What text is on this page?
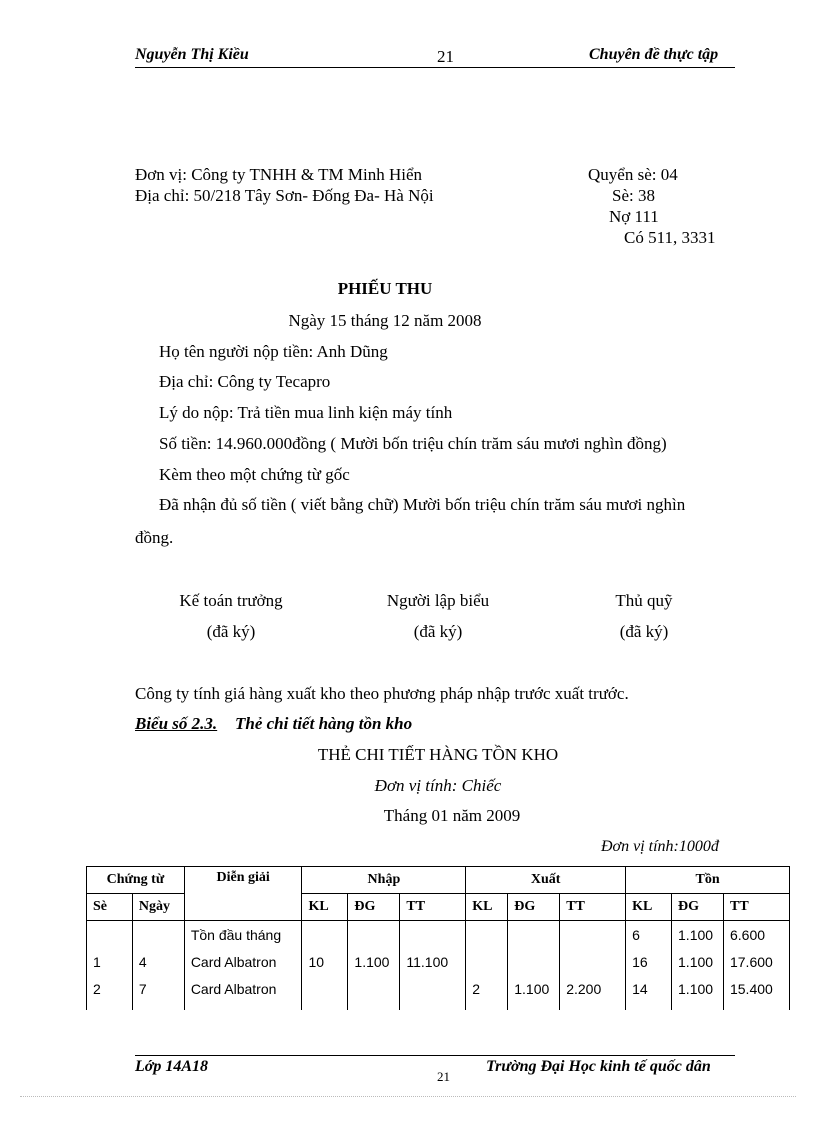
Nguyễn Thị Kiều	21	Chuyên đề thực tập
Đơn vị: Công ty TNHH & TM Minh Hiển
Địa chỉ: 50/218 Tây Sơn- Đống Đa- Hà Nội
Quyển sè: 04
Sè: 38
Nợ 111
Có 511, 3331
PHIẾU THU
Ngày 15 tháng 12 năm 2008
Họ tên người nộp tiền: Anh Dũng
Địa chỉ: Công ty Tecapro
Lý do nộp: Trả tiền mua linh kiện máy tính
Số tiền: 14.960.000đồng ( Mười bốn triệu chín trăm sáu mươi nghìn đồng)
Kèm theo một chứng từ gốc
Đã nhận đủ số tiền ( viết bằng chữ) Mười bốn triệu chín trăm sáu mươi nghìn
đồng.
Kế toán trưởng
(đã ký)
Người lập biểu
(đã ký)
Thủ quỹ
(đã ký)
Công ty tính giá hàng xuất kho theo phương pháp nhập trước xuất trước.
Biểu số 2.3. Thẻ chi tiết hàng tồn kho
THẺ CHI TIẾT HÀNG TỒN KHO
Đơn vị tính: Chiếc
Tháng 01 năm 2009
Đơn vị tính:1000đ
Chứng từ		Diễn giải	Nhập			Xuất			Tồn		
Sè	Ngày		KL	ĐG	TT	KL	ĐG	TT	KL	ĐG	TT
		Tồn đầu tháng							6	1.100	6.600
1	4	Card Albatron	10	1.100	11.100				16	1.100	17.600
2	7	Card Albatron				2	1.100	2.200	14	1.100	15.400

Lớp 14A18
21
Trường Đại Học kinh tế quốc dân
